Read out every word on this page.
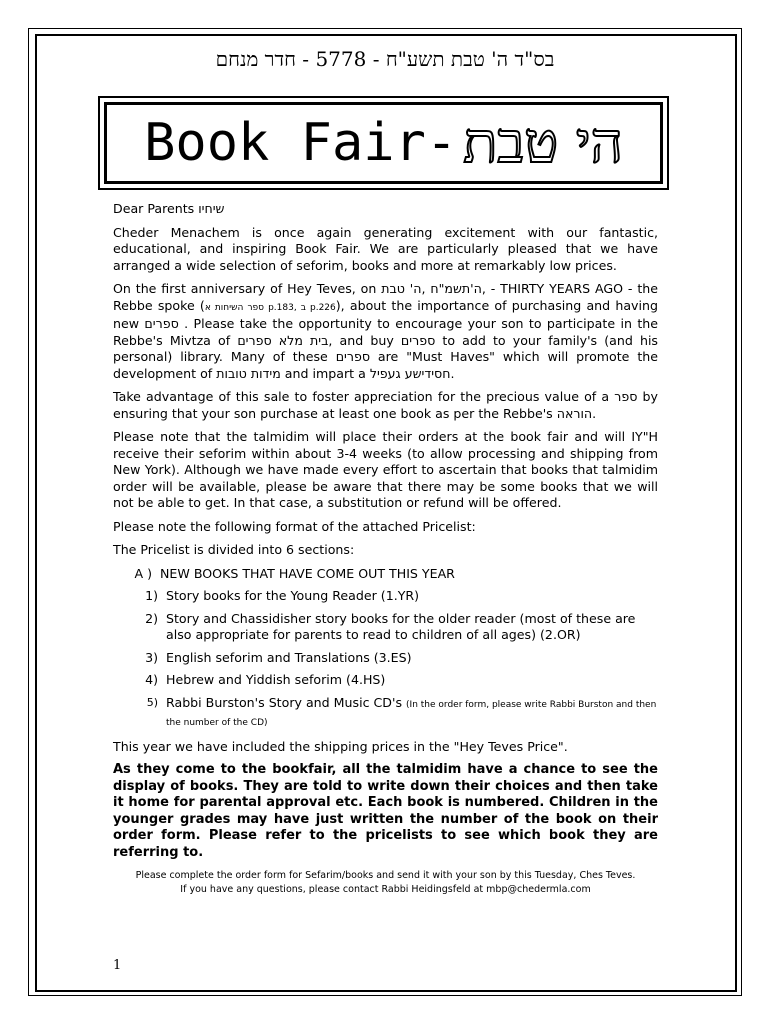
בס"ד ה' טבת תשע"ח - 5778 - חדר מנחם
Book Fair- הי טבת

Dear Parents שיחיו

Cheder Menachem is once again generating excitement with our fantastic, educational, and inspiring Book Fair. We are particularly pleased that we have arranged a wide selection of seforim, books and more at remarkably low prices.

On the first anniversary of Hey Teves, on ה'תשמ"ח ,ה' טבת, - THIRTY YEARS AGO - the Rebbe spoke (ספר השיחות א p.183, ב p.226), about the importance of purchasing and having new ספרים . Please take the opportunity to encourage your son to participate in the Rebbe's Mivtza of בית מלא ספרים, and buy ספרים to add to your family's (and his personal) library. Many of these ספרים are "Must Haves" which will promote the development of מידות טובות and impart a חסידישע געפיל.

Take advantage of this sale to foster appreciation for the precious value of a ספר by ensuring that your son purchase at least one book as per the Rebbe's הוראה.

Please note that the talmidim will place their orders at the book fair and will IY"H receive their seforim within about 3-4 weeks (to allow processing and shipping from New York). Although we have made every effort to ascertain that books that talmidim order will be available, please be aware that there may be some books that we will not be able to get. In that case, a substitution or refund will be offered.

Please note the following format of the attached Pricelist:

The Pricelist is divided into 6 sections:

A ) NEW BOOKS THAT HAVE COME OUT THIS YEAR
1) Story books for the Young Reader (1.YR)
2) Story and Chassidisher story books for the older reader (most of these are also appropriate for parents to read to children of all ages) (2.OR)
3) English seforim and Translations (3.ES)
4) Hebrew and Yiddish seforim (4.HS)
5) Rabbi Burston's Story and Music CD's (In the order form, please write Rabbi Burston and then the number of the CD)

This year we have included the shipping prices in the "Hey Teves Price".

As they come to the bookfair, all the talmidim have a chance to see the display of books. They are told to write down their choices and then take it home for parental approval etc. Each book is numbered. Children in the younger grades may have just written the number of the book on their order form. Please refer to the pricelists to see which book they are referring to.

Please complete the order form for Sefarim/books and send it with your son by this Tuesday, Ches Teves.
If you have any questions, please contact Rabbi Heidingsfeld at mbp@chedermla.com
1
